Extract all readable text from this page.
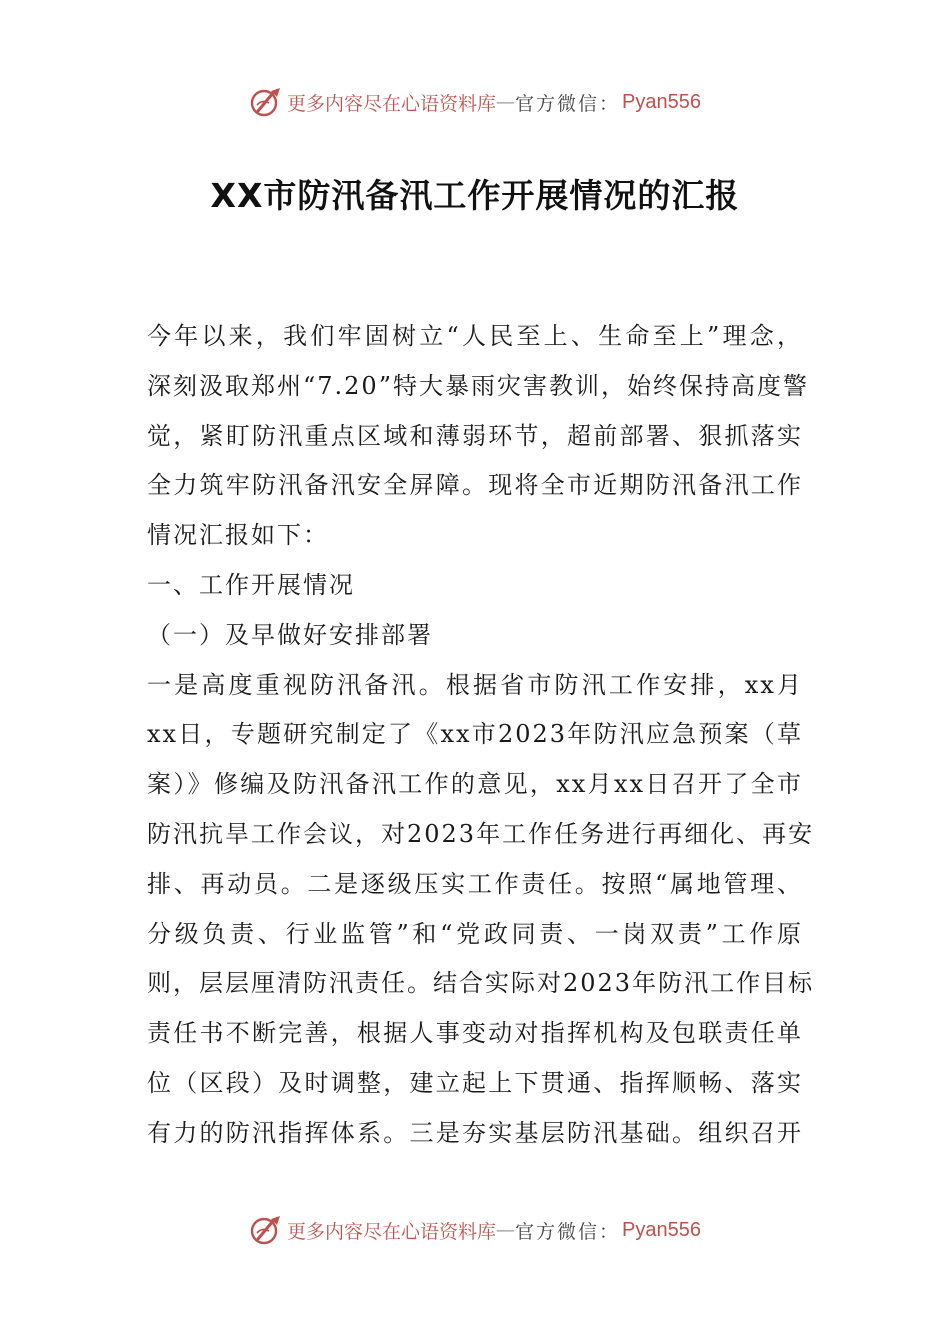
更多内容尽在心语资料库 — 官方微信： Pyan556
XX市防汛备汛工作开展情况的汇报
今年以来，我们牢固树立“人民至上、生命至上”理念，
深刻汲取郑州“7.20”特大暴雨灾害教训，始终保持高度警
觉，紧盯防汛重点区域和薄弱环节，超前部署、狠抓落实
全力筑牢防汛备汛安全屏障。现将全市近期防汛备汛工作
情况汇报如下：
一、工作开展情况
（一）及早做好安排部署
一是高度重视防汛备汛。根据省市防汛工作安排，xx月
xx日，专题研究制定了《xx市2023年防汛应急预案（草
案）》修编及防汛备汛工作的意见，xx月xx日召开了全市
防汛抗旱工作会议，对2023年工作任务进行再细化、再安
排、再动员。二是逐级压实工作责任。按照“属地管理、
分级负责、行业监管”和“党政同责、一岗双责”工作原
则，层层厘清防汛责任。结合实际对2023年防汛工作目标
责任书不断完善，根据人事变动对指挥机构及包联责任单
位（区段）及时调整，建立起上下贯通、指挥顺畅、落实
有力的防汛指挥体系。三是夯实基层防汛基础。组织召开
更多内容尽在心语资料库 — 官方微信： Pyan556
